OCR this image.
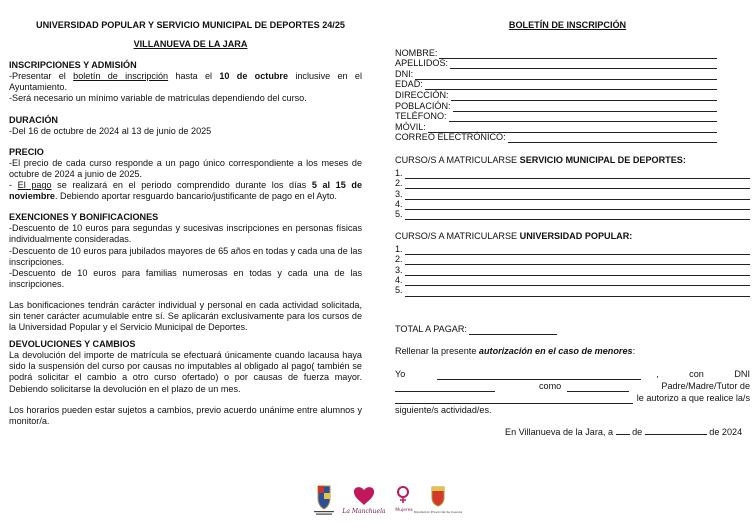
UNIVERSIDAD POPULAR Y SERVICIO MUNICIPAL DE DEPORTES 24/25
VILLANUEVA DE LA JARA
INSCRIPCIONES Y ADMISIÓN
-Presentar el boletín de inscripción hasta el 10 de octubre inclusive en el Ayuntamiento.
-Será necesario un mínimo variable de matrículas dependiendo del curso.
DURACIÓN
-Del 16 de octubre de 2024 al 13 de junio de 2025
PRECIO
-El precio de cada curso responde a un pago único correspondiente a los meses de octubre de 2024 a junio de 2025.
- El pago se realizará en el periodo comprendido durante los días 5 al 15 de noviembre. Debiendo aportar resguardo bancario/justificante de pago en el Ayto.
EXENCIONES Y BONIFICACIONES
-Descuento de 10 euros para segundas y sucesivas inscripciones en personas físicas individualmente consideradas.
-Descuento de 10 euros para jubilados mayores de 65 años en todas y cada una de las inscripciones.
-Descuento de 10 euros para familias numerosas en todas y cada una de las inscripciones.
Las bonificaciones tendrán carácter individual y personal en cada actividad solicitada, sin tener carácter acumulable entre sí. Se aplicarán exclusivamente para los cursos de la Universidad Popular y el Servicio Municipal de Deportes.
DEVOLUCIONES Y CAMBIOS
La devolución del importe de matrícula se efectuará únicamente cuando lacausa haya sido la suspensión del curso por causas no imputables al obligado al pago( también se podrá solicitar el cambio a otro curso ofertado) o por causas de fuerza mayor. Debiendo solicitarse la devolución en el plazo de un mes.
Los horarios pueden estar sujetos a cambios, previo acuerdo unánime entre alumnos y monitor/a.
BOLETÍN DE INSCRIPCIÓN
NOMBRE:
APELLIDOS:
DNI:
EDAD:
DIRECCIÓN:
POBLACIÓN:
TELÉFONO:
MÓVIL:
CORREO ELECTRÓNICO:
CURSO/S A MATRICULARSE SERVICIO MUNICIPAL DE DEPORTES:
1.
2.
3.
4.
5.
CURSO/S A MATRICULARSE UNIVERSIDAD POPULAR:
1.
2.
3.
4.
5.
TOTAL A PAGAR:
Rellenar la presente autorización en el caso de menores:
Yo	, con DNI
como	Padre/Madre/Tutor de
le autorizo a que realice la/s
siguiente/s actividad/es.
En Villanueva de la Jara, a de	de 2024
La Manchuela Mujeres Diputación Provincial de Cuenca
